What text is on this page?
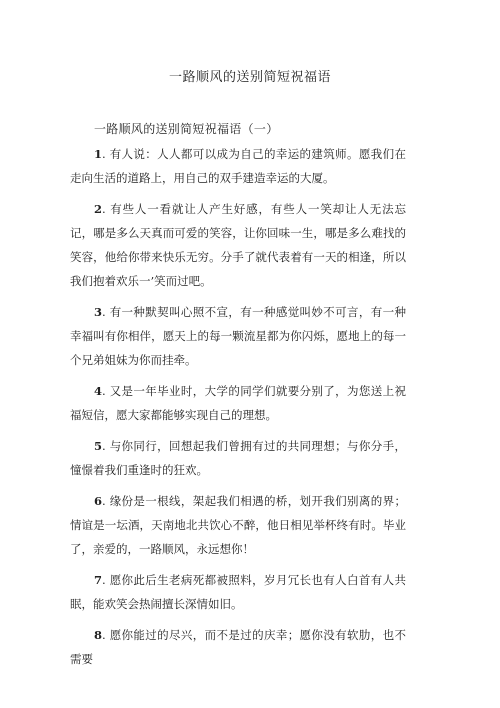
一路顺风的送别简短祝福语
一路顺风的送别简短祝福语（一）

1. 有人说：人人都可以成为自己的幸运的建筑师。愿我们在走向生活的道路上，用自己的双手建造幸运的大厦。

2. 有些人一看就让人产生好感，有些人一笑却让人无法忘记，哪是多么天真而可爱的笑容，让你回味一生，哪是多么难找的笑容，他给你带来快乐无穷。分手了就代表着有一天的相逢，所以我们抱着欢乐一’笑而过吧。

3. 有一种默契叫心照不宣，有一种感觉叫妙不可言，有一种幸福叫有你相伴，愿天上的每一颗流星都为你闪烁，愿地上的每一个兄弟姐妹为你而挂牵。

4. 又是一年毕业时，大学的同学们就要分别了，为您送上祝福短信，愿大家都能够实现自己的理想。

5. 与你同行，回想起我们曾拥有过的共同理想；与你分手，憧憬着我们重逢时的狂欢。

6. 缘份是一根线，架起我们相遇的桥，划开我们别离的界；情谊是一坛酒，天南地北共饮心不醉，他日相见举杯终有时。毕业了，亲爱的，一路顺风，永远想你！

7. 愿你此后生老病死都被照料，岁月冗长也有人白首有人共眠，能欢笑会热闹擅长深情如旧。

8. 愿你能过的尽兴，而不是过的庆幸；愿你没有软肋，也不需要
